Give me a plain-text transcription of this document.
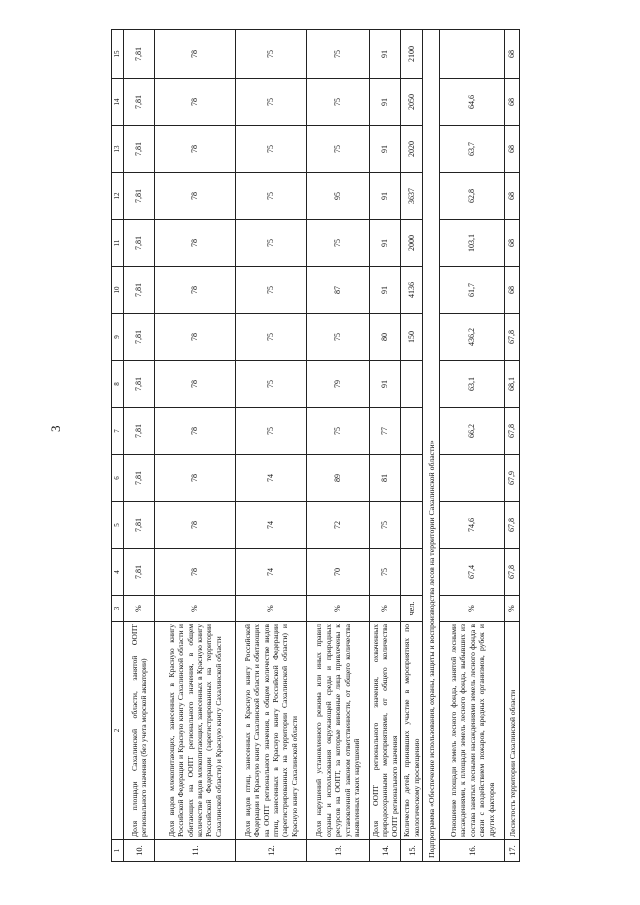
3
1	2	3	4	5	6	7	8	9	10	11	12	13	14	15
10.	Доля площади Сахалинской области, занятой ООПТ регионального значения (без учета морской акватории)	%	7,81	7,81	7,81	7,81	7,81	7,81	7,81	7,81	7,81	7,81	7,81	7,81
11.	Доля видов млекопитающих, занесенных в Красную книгу Российской Федерации и Красную книгу Сахалинской области и обитающих на ООПТ регионального значения, в общем количестве видов млекопитающих, занесенных в Красную книгу Российской Федерации (зарегистрированных на территории Сахалинской области) и Красную книгу Сахалинской области	%	78	78	78	78	78	78	78	78	78	78	78	78
12.	Доля видов птиц, занесенных в Красную книгу Российской Федерации и Красную книгу Сахалинской области и обитающих на ООПТ регионального значения, в общем количестве видов птиц, занесенных в Красную книгу Российской Федерации (зарегистрированных на территории Сахалинской области) и Красную книгу Сахалинской области	%	74	74	74	75	75	75	75	75	75	75	75	75
13.	Доля нарушений установленного режима или иных правил охраны и использования окружающей среды и природных ресурсов на ООПТ, за которые виновные лица привлечены к установленной законом ответственности, от общего количества выявленных таких нарушений	%	70	72	89	75	79	75	87	75	95	75	75	75
14.	Доля ООПТ регионального значения, охваченных природоохранными мероприятиями, от общего количества ООПТ регионального значения	%	75	75	81	77	91	80	91	91	91	91	91	91
15.	Количество детей, принявших участие в мероприятиях по экологическому просвещению	чел.						150	4136	2000	3637	2020	2050	2100
Подпрограмма «Обеспечение использования, охраны, защиты и воспроизводства лесов на территории Сахалинской области»														
16.	Отношение площади земель лесного фонда, занятой лесными насаждениями, к площади земель лесного фонда, выбывших из состава занятых лесными насаждениями земель лесного фонда в связи с воздействием пожаров, вредных организмов, рубок и других факторов	%	67,4	74,6		66,2	63,1	436,2	61,7	103,1	62,8	63,7	64,6	
17.	Лесистость территории Сахалинской области	%	67,8	67,8	67,9	67,8	68,1	67,8	68	68	68	68	68	68
